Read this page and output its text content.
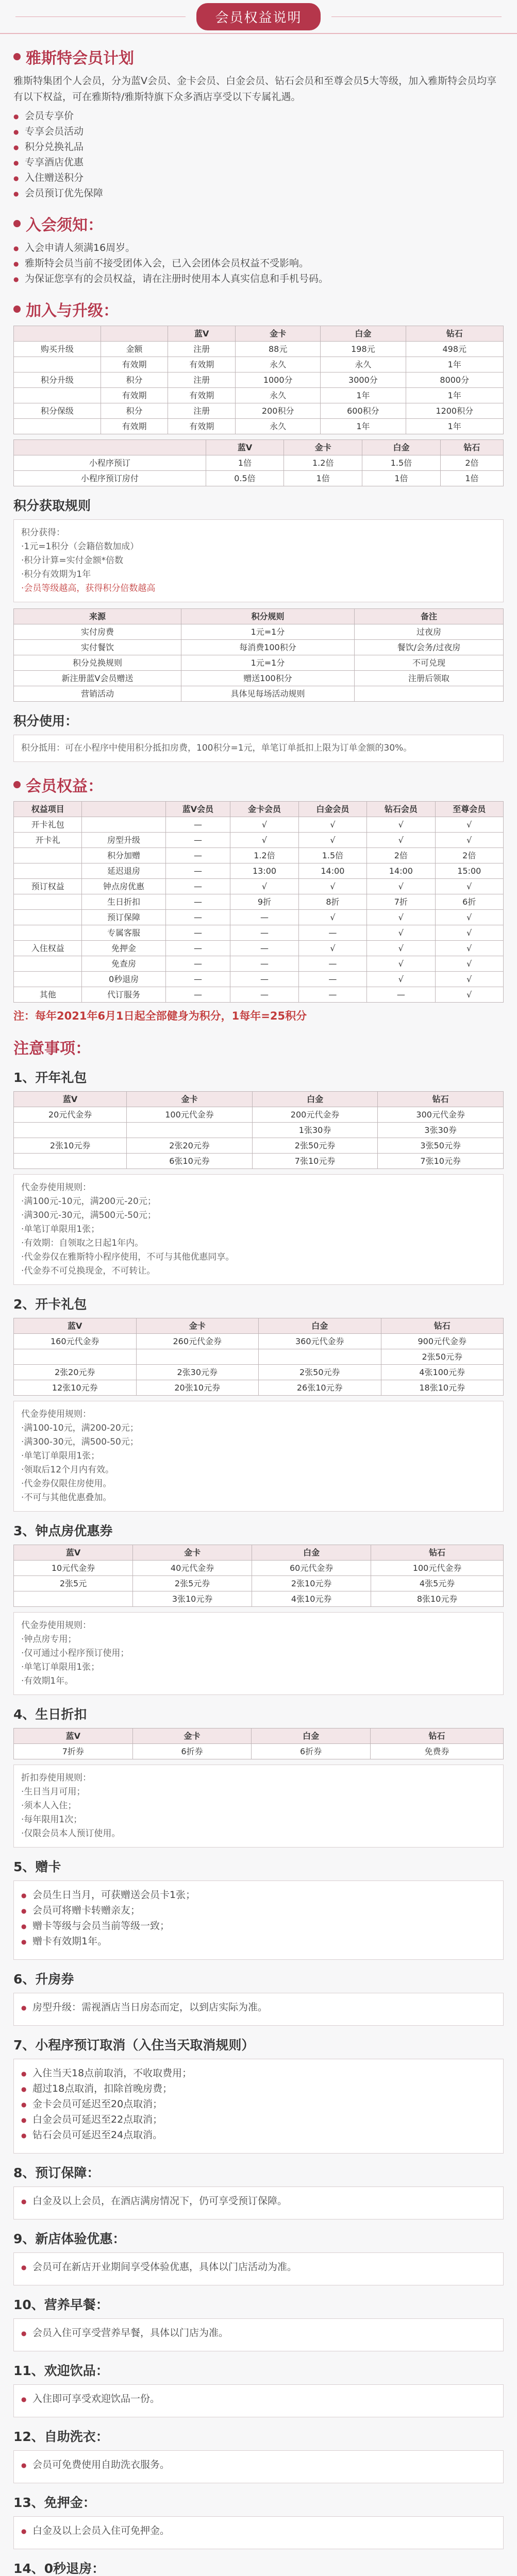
会员权益说明
雅斯特会员计划

雅斯特集团个人会员，分为蓝V会员、金卡会员、白金会员、钻石会员和至尊会员5大等级，加入雅斯特会员均享有以下权益，可在雅斯特/雅斯特旗下众多酒店享受以下专属礼遇。

● 会员专享价
● 专享会员活动
● 积分兑换礼品
● 专享酒店优惠
● 入住赠送积分
● 会员预订优先保障
入会须知：
● 入会申请人须满16周岁。
● 雅斯特会员当前不接受团体入会，已入会团体会员权益不受影响。
● 为保证您享有的会员权益，请在注册时使用本人真实信息和手机号码。
加入与升级：
		蓝V	金卡	白金	钻石
购买升级	金额	注册	88元	198元	498元
	有效期	有效期	永久	永久	1年
积分升级	积分	注册	1000分	3000分	8000分
	有效期	有效期	永久	1年	1年
积分保级	积分	注册	200积分	600积分	1200积分
	有效期	有效期	永久	1年	1年
	蓝V	金卡	白金	钻石
小程序预订	1倍	1.2倍	1.5倍	2倍
小程序预订房付	0.5倍	1倍	1倍	1倍
积分获取规则
积分获得：
·1元=1积分（会籍倍数加成）
·积分计算=实付金额*倍数
·积分有效期为1年
·会员等级越高，获得积分倍数越高
来源	积分规则	备注
实付房费	1元=1分	过夜房
实付餐饮	每消费100积分	餐饮/会务/过夜房
积分兑换规则	1元=1分	不可兑现
新注册蓝V会员赠送	赠送100积分	注册后领取
营销活动	具体见每场活动规则	
积分使用：
积分抵用：可在小程序中使用积分抵扣房费，100积分=1元，单笔订单抵扣上限为订单金额的30%。
会员权益：
权益项目		蓝V会员	金卡会员	白金会员	钻石会员	至尊会员
开卡礼包		—	√	√	√	√
开卡礼	房型升级	—	√	√	√	√
	积分加赠	—	1.2倍	1.5倍	2倍	2倍
	延迟退房	—	13:00	14:00	14:00	15:00
预订权益	钟点房优惠	—	√	√	√	√
	生日折扣	—	9折	8折	7折	6折
	预订保障	—	—	√	√	√
	专属客服	—	—	—	√	√
入住权益	免押金	—	—	√	√	√
	免查房	—	—	—	√	√
	0秒退房	—	—	—	√	√
其他	代订服务	—	—	—	—	√
注：每年2021年6月1日起全部健身为积分，1每年=25积分
注意事项：
1、开年礼包
蓝V	金卡	白金	钻石
20元代金券	100元代金券	200元代金券	300元代金券
		1张30券	3张30券
2张10元券	2张20元券	2张50元券	3张50元券
	6张10元券	7张10元券	7张10元券
代金券使用规则：
·满100元-10元，满200元-20元；
·满300元-30元，满500元-50元；
·单笔订单限用1张；
·有效期：自领取之日起1年内。
·代金券仅在雅斯特小程序使用，不可与其他优惠同享。
·代金券不可兑换现金，不可转让。
2、开卡礼包
蓝V	金卡	白金	钻石
160元代金券	260元代金券	360元代金券	900元代金券
			2张50元券
2张20元券	2张30元券	2张50元券	4张100元券
12张10元券	20张10元券	26张10元券	18张10元券
代金券使用规则：
·满100-10元，满200-20元；
·满300-30元，满500-50元；
·单笔订单限用1张；
·领取后12个月内有效。
·代金券仅限住房使用。
·不可与其他优惠叠加。
3、钟点房优惠券
蓝V	金卡	白金	钻石
10元代金券	40元代金券	60元代金券	100元代金券
2张5元	2张5元券	2张10元券	4张5元券
	3张10元券	4张10元券	8张10元券
代金券使用规则：
·钟点房专用；
·仅可通过小程序预订使用；
·单笔订单限用1张；
·有效期1年。
4、生日折扣
蓝V	金卡	白金	钻石
7折券	6折券	6折券	免费券
折扣券使用规则：
·生日当月可用；
·须本人入住；
·每年限用1次；
·仅限会员本人预订使用。
5、赠卡
● 会员生日当月，可获赠送会员卡1张；
● 会员可将赠卡转赠亲友；
● 赠卡等级与会员当前等级一致；
● 赠卡有效期1年。
6、升房券
● 房型升级：需视酒店当日房态而定，以到店实际为准。
7、小程序预订取消（入住当天取消规则）
● 入住当天18点前取消，不收取费用；
● 超过18点取消，扣除首晚房费；
● 金卡会员可延迟至20点取消；
● 白金会员可延迟至22点取消；
● 钻石会员可延迟至24点取消。
8、预订保障：
● 白金及以上会员，在酒店满房情况下，仍可享受预订保障。
9、新店体验优惠：
● 会员可在新店开业期间享受体验优惠，具体以门店活动为准。
10、营养早餐：
● 会员入住可享受营养早餐，具体以门店为准。
11、欢迎饮品：
● 入住即可享受欢迎饮品一份。
12、自助洗衣：
● 会员可免费使用自助洗衣服务。
13、免押金：
● 白金及以上会员入住可免押金。
14、0秒退房：
